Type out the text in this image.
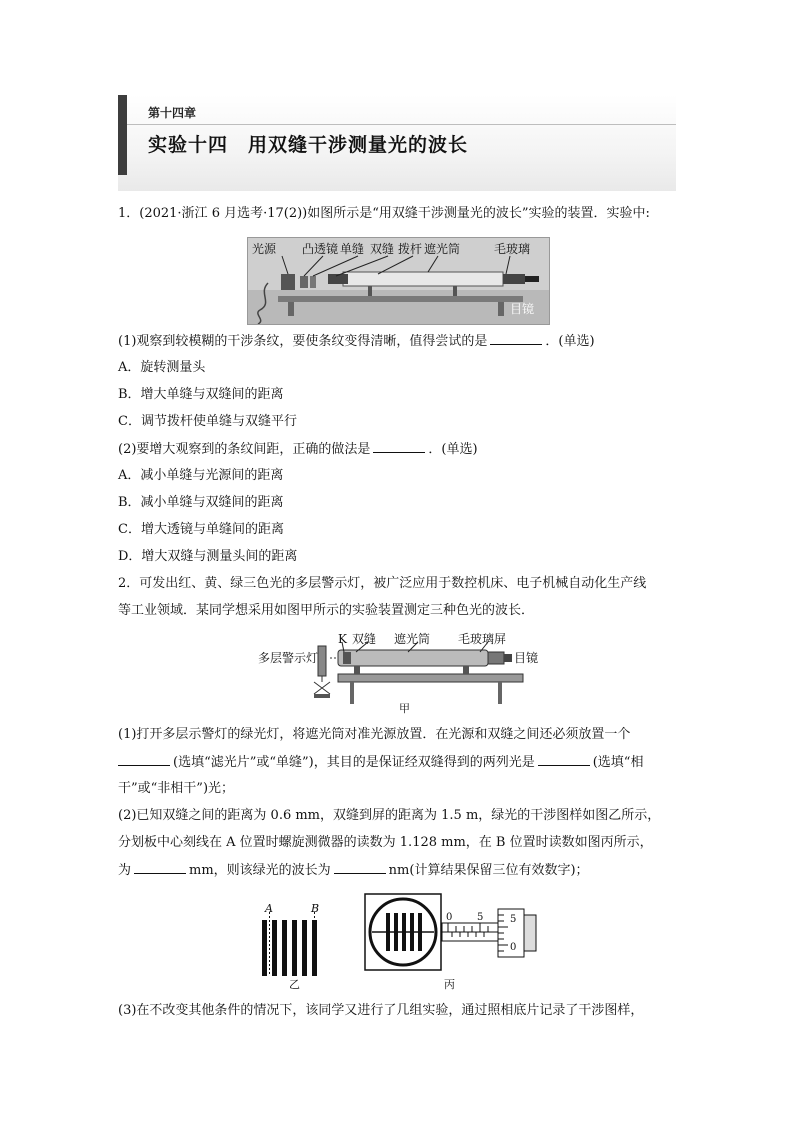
第十四章
实验十四　用双缝干涉测量光的波长
1．(2021·浙江 6 月选考·17(2))如图所示是“用双缝干涉测量光的波长”实验的装置．实验中:
光源 凸透镜 单缝 双缝 拨杆 遮光筒	毛玻璃
目镜
(1)观察到较模糊的干涉条纹，要使条纹变得清晰，值得尝试的是	．(单选)
A．旋转测量头
B．增大单缝与双缝间的距离
C．调节拨杆使单缝与双缝平行
(2)要增大观察到的条纹间距，正确的做法是	．(单选)
A．减小单缝与光源间的距离
B．减小单缝与双缝间的距离
C．增大透镜与单缝间的距离
D．增大双缝与测量头间的距离
2．可发出红、黄、绿三色光的多层警示灯，被广泛应用于数控机床、电子机械自动化生产线
等工业领域．某同学想采用如图甲所示的实验装置测定三种色光的波长．
多层警示灯
K 双缝 遮光筒 毛玻璃屏
目镜
甲
(1)打开多层示警灯的绿光灯，将遮光筒对准光源放置．在光源和双缝之间还必须放置一个
(选填“滤光片”或“单缝”)，其目的是保证经双缝得到的两列光是	(选填“相
干”或“非相干”)光；
(2)已知双缝之间的距离为 0.6 mm，双缝到屏的距离为 1.5 m，绿光的干涉图样如图乙所示，
分划板中心刻线在 A 位置时螺旋测微器的读数为 1.128 mm，在 B 位置时读数如图丙所示，
为	mm，则该绿光的波长为	nm(计算结果保留三位有效数字)；
A	B
乙
0 5	5
0
丙
(3)在不改变其他条件的情况下，该同学又进行了几组实验，通过照相底片记录了干涉图样，
